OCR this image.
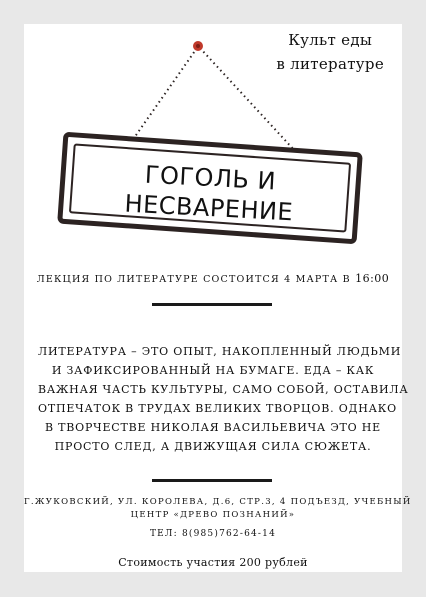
Культ еды
в литературе
ГОГОЛЬ И
НЕСВАРЕНИЕ
ЛЕКЦИЯ ПО ЛИТЕРАТУРЕ СОСТОИТСЯ 4 МАРТА В 16:00
ЛИТЕРАТУРА – ЭТО ОПЫТ, НАКОПЛЕННЫЙ ЛЮДЬМИ
И ЗАФИКСИРОВАННЫЙ НА БУМАГЕ. ЕДА – КАК
ВАЖНАЯ ЧАСТЬ КУЛЬТУРЫ, САМО СОБОЙ, ОСТАВИЛА
ОТПЕЧАТОК В ТРУДАХ ВЕЛИКИХ ТВОРЦОВ. ОДНАКО
В ТВОРЧЕСТВЕ НИКОЛАЯ ВАСИЛЬЕВИЧА ЭТО НЕ
ПРОСТО СЛЕД, А ДВИЖУЩАЯ СИЛА СЮЖЕТА.
Г.ЖУКОВСКИЙ, УЛ. КОРОЛЕВА, Д.6, СТР.3, 4 ПОДЪЕЗД, УЧЕБНЫЙ
ЦЕНТР «ДРЕВО ПОЗНАНИЙ»
ТЕЛ: 8(985)762-64-14
Стоимость участия 200 рублей
